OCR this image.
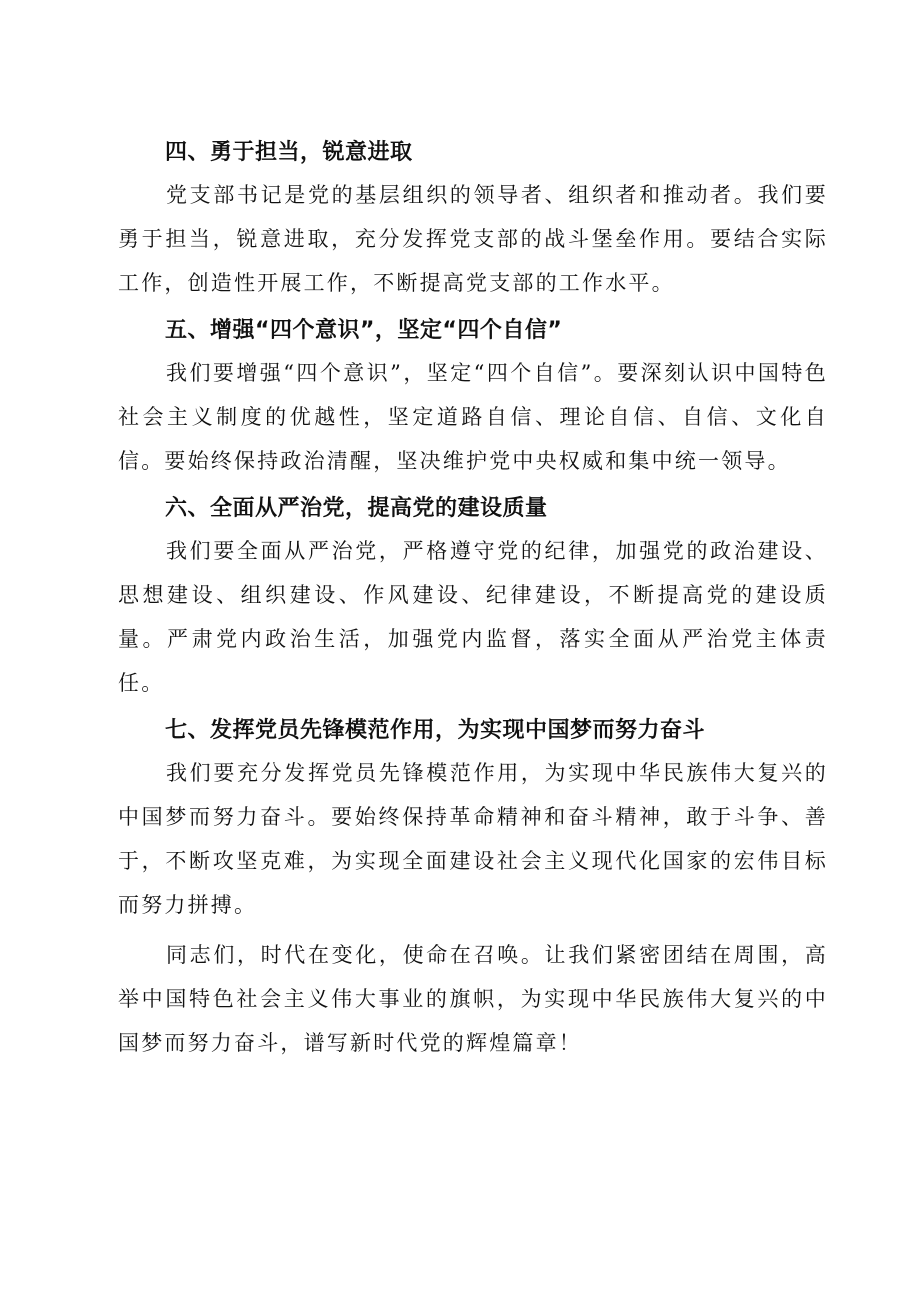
四、勇于担当，锐意进取

党支部书记是党的基层组织的领导者、组织者和推动者。我们要勇于担当，锐意进取，充分发挥党支部的战斗堡垒作用。要结合实际工作，创造性开展工作，不断提高党支部的工作水平。

五、增强“四个意识”，坚定“四个自信”

我们要增强“四个意识”，坚定“四个自信”。要深刻认识中国特色社会主义制度的优越性，坚定道路自信、理论自信、自信、文化自信。要始终保持政治清醒，坚决维护党中央权威和集中统一领导。

六、全面从严治党，提高党的建设质量

我们要全面从严治党，严格遵守党的纪律，加强党的政治建设、思想建设、组织建设、作风建设、纪律建设，不断提高党的建设质量。严肃党内政治生活，加强党内监督，落实全面从严治党主体责任。

七、发挥党员先锋模范作用，为实现中国梦而努力奋斗

我们要充分发挥党员先锋模范作用，为实现中华民族伟大复兴的中国梦而努力奋斗。要始终保持革命精神和奋斗精神，敢于斗争、善于，不断攻坚克难，为实现全面建设社会主义现代化国家的宏伟目标而努力拼搏。

同志们，时代在变化，使命在召唤。让我们紧密团结在周围，高举中国特色社会主义伟大事业的旗帜，为实现中华民族伟大复兴的中国梦而努力奋斗，谱写新时代党的辉煌篇章！
